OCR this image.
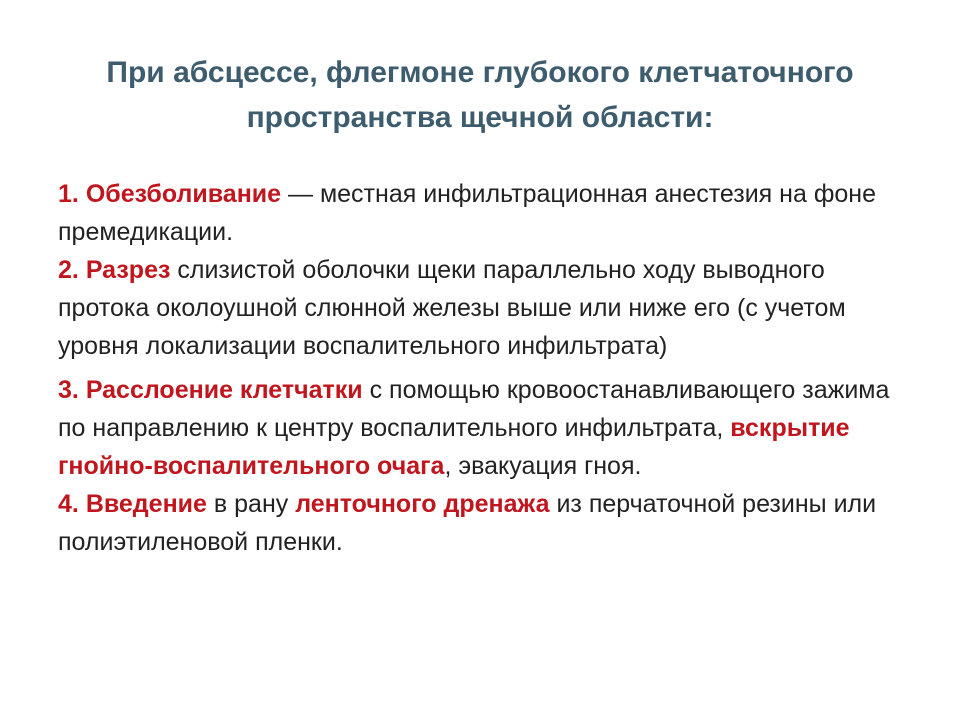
При абсцессе, флегмоне глубокого клетчаточного
пространства щечной области:

1. Обезболивание — местная инфильтрационная анестезия на фоне премедикации.

2. Разрез слизистой оболочки щеки параллельно ходу выводного протока околоушной слюнной железы выше или ниже его (с учетом уровня локализации воспалительного инфильтрата)

3. Расслоение клетчатки с помощью кровоостанавливающего зажима по направлению к центру воспалительного инфильтрата, вскрытие гнойно-воспалительного очага, эвакуация гноя.

4. Введение в рану ленточного дренажа из перчаточной резины или полиэтиленовой пленки.
